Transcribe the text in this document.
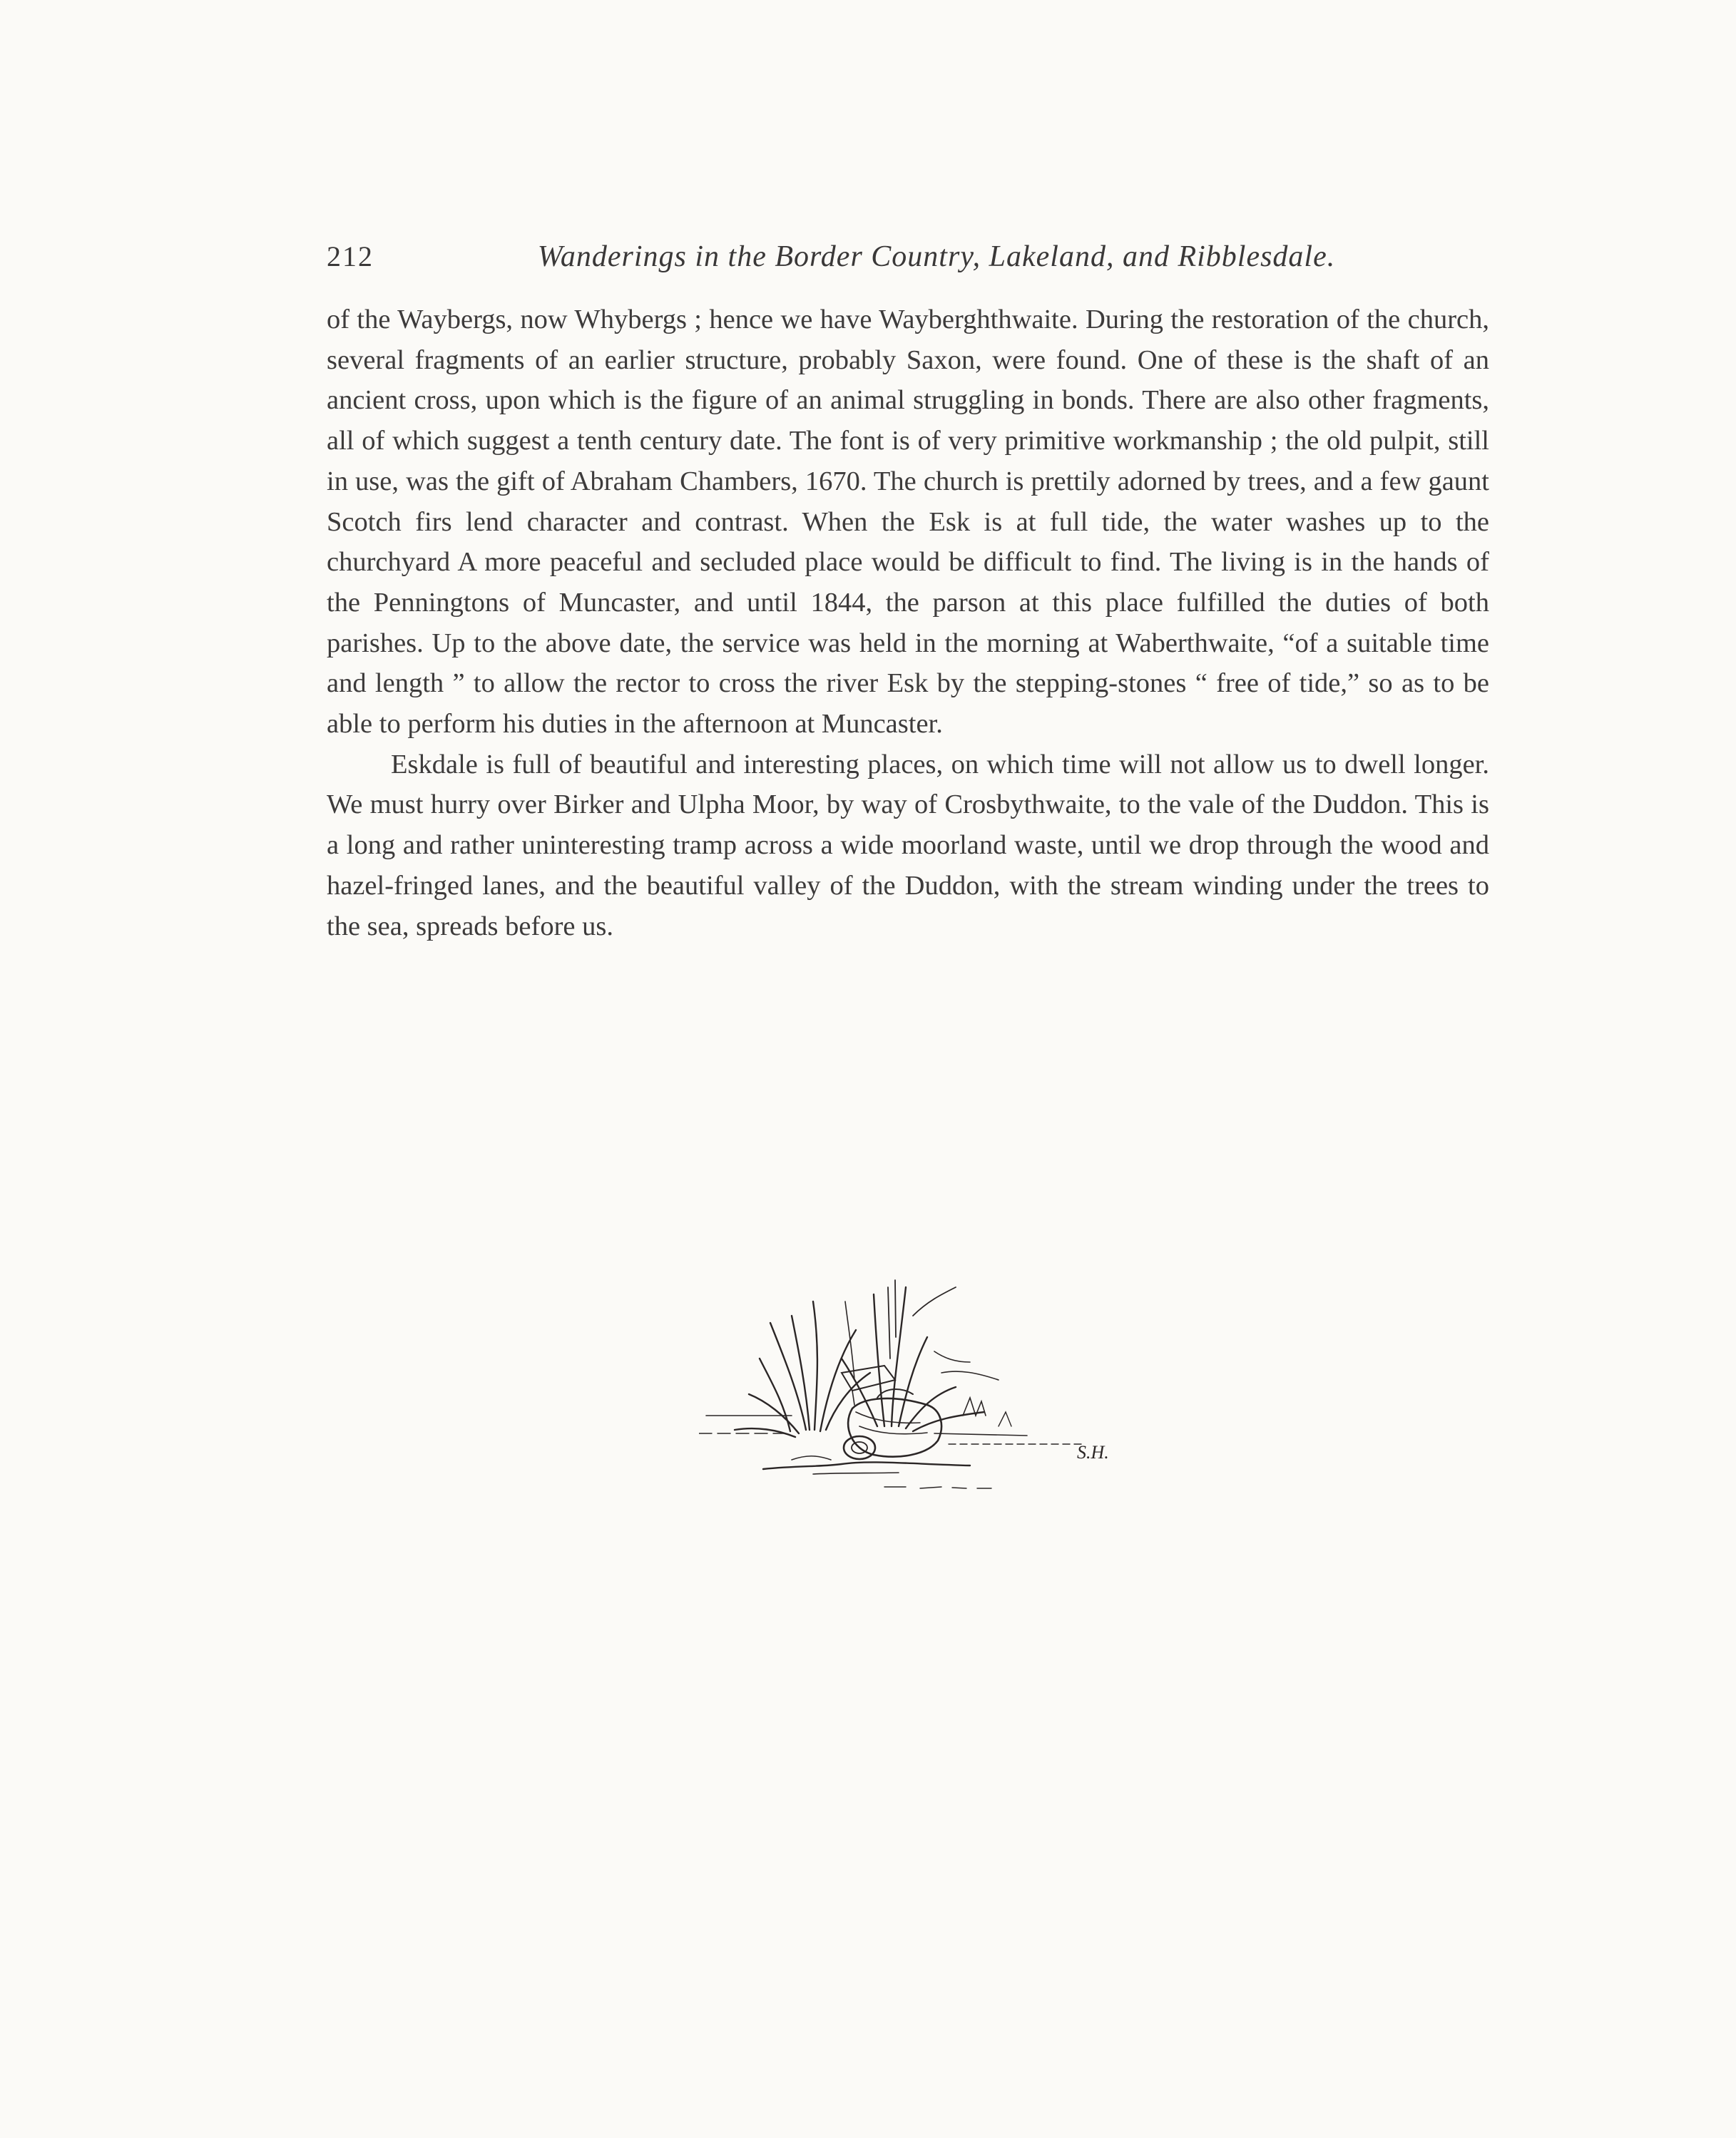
212	Wanderings in the Border Country, Lakeland, and Ribblesdale.

of the Waybergs, now Whybergs ; hence we have Wayberghthwaite. During the restoration of the church, several fragments of an earlier structure, probably Saxon, were found. One of these is the shaft of an ancient cross, upon which is the figure of an animal struggling in bonds. There are also other fragments, all of which suggest a tenth century date. The font is of very primitive workmanship ; the old pulpit, still in use, was the gift of Abraham Chambers, 1670. The church is prettily adorned by trees, and a few gaunt Scotch firs lend character and contrast. When the Esk is at full tide, the water washes up to the churchyard A more peaceful and secluded place would be difficult to find. The living is in the hands of the Penningtons of Muncaster, and until 1844, the parson at this place fulfilled the duties of both parishes. Up to the above date, the service was held in the morning at Waberthwaite, “of a suitable time and length ” to allow the rector to cross the river Esk by the stepping-stones “ free of tide,” so as to be able to perform his duties in the afternoon at Muncaster.

Eskdale is full of beautiful and interesting places, on which time will not allow us to dwell longer. We must hurry over Birker and Ulpha Moor, by way of Crosbythwaite, to the vale of the Duddon. This is a long and rather uninteresting tramp across a wide moorland waste, until we drop through the wood and hazel-fringed lanes, and the beautiful valley of the Duddon, with the stream winding under the trees to the sea, spreads before us.

S.H.
